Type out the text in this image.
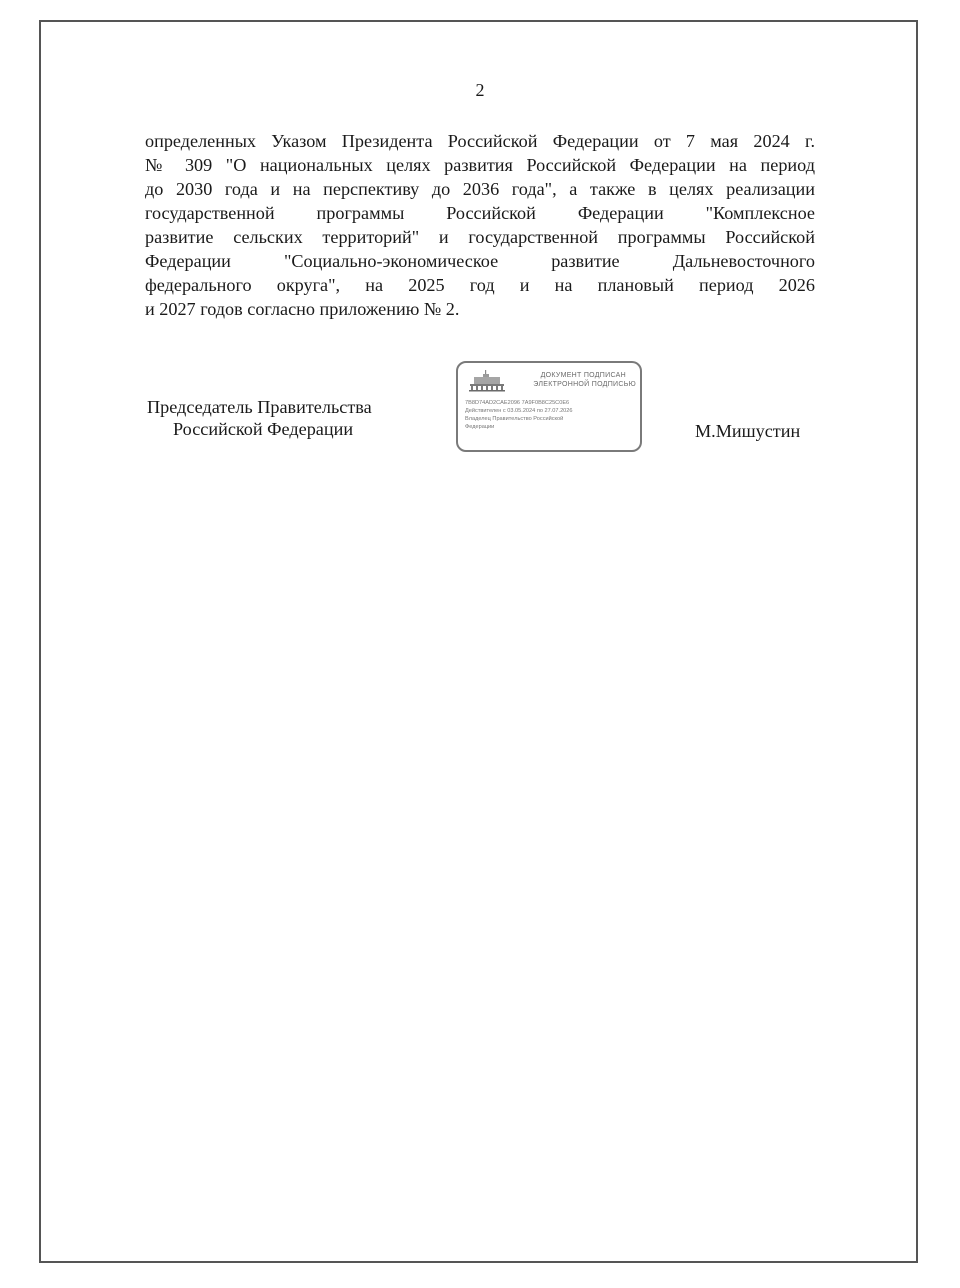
2
определенных Указом Президента Российской Федерации от 7 мая 2024 г.
№ 309 "О национальных целях развития Российской Федерации на период
до 2030 года и на перспективу до 2036 года", а также в целях реализации
государственной программы Российской Федерации "Комплексное
развитие сельских территорий" и государственной программы Российской
Федерации "Социально-экономическое развитие Дальневосточного
федерального округа", на 2025 год и на плановый период 2026
и 2027 годов согласно приложению № 2.
Председатель Правительства
Российской Федерации
ДОКУМЕНТ ПОДПИСАН
ЭЛЕКТРОННОЙ ПОДПИСЬЮ
7B8D74AD2CAE2096 7A9F0B8C25C0E6
Действителен с 03.05.2024 по 27.07.2026
Владелец Правительство Российской
Федерации	М.Мишустин
